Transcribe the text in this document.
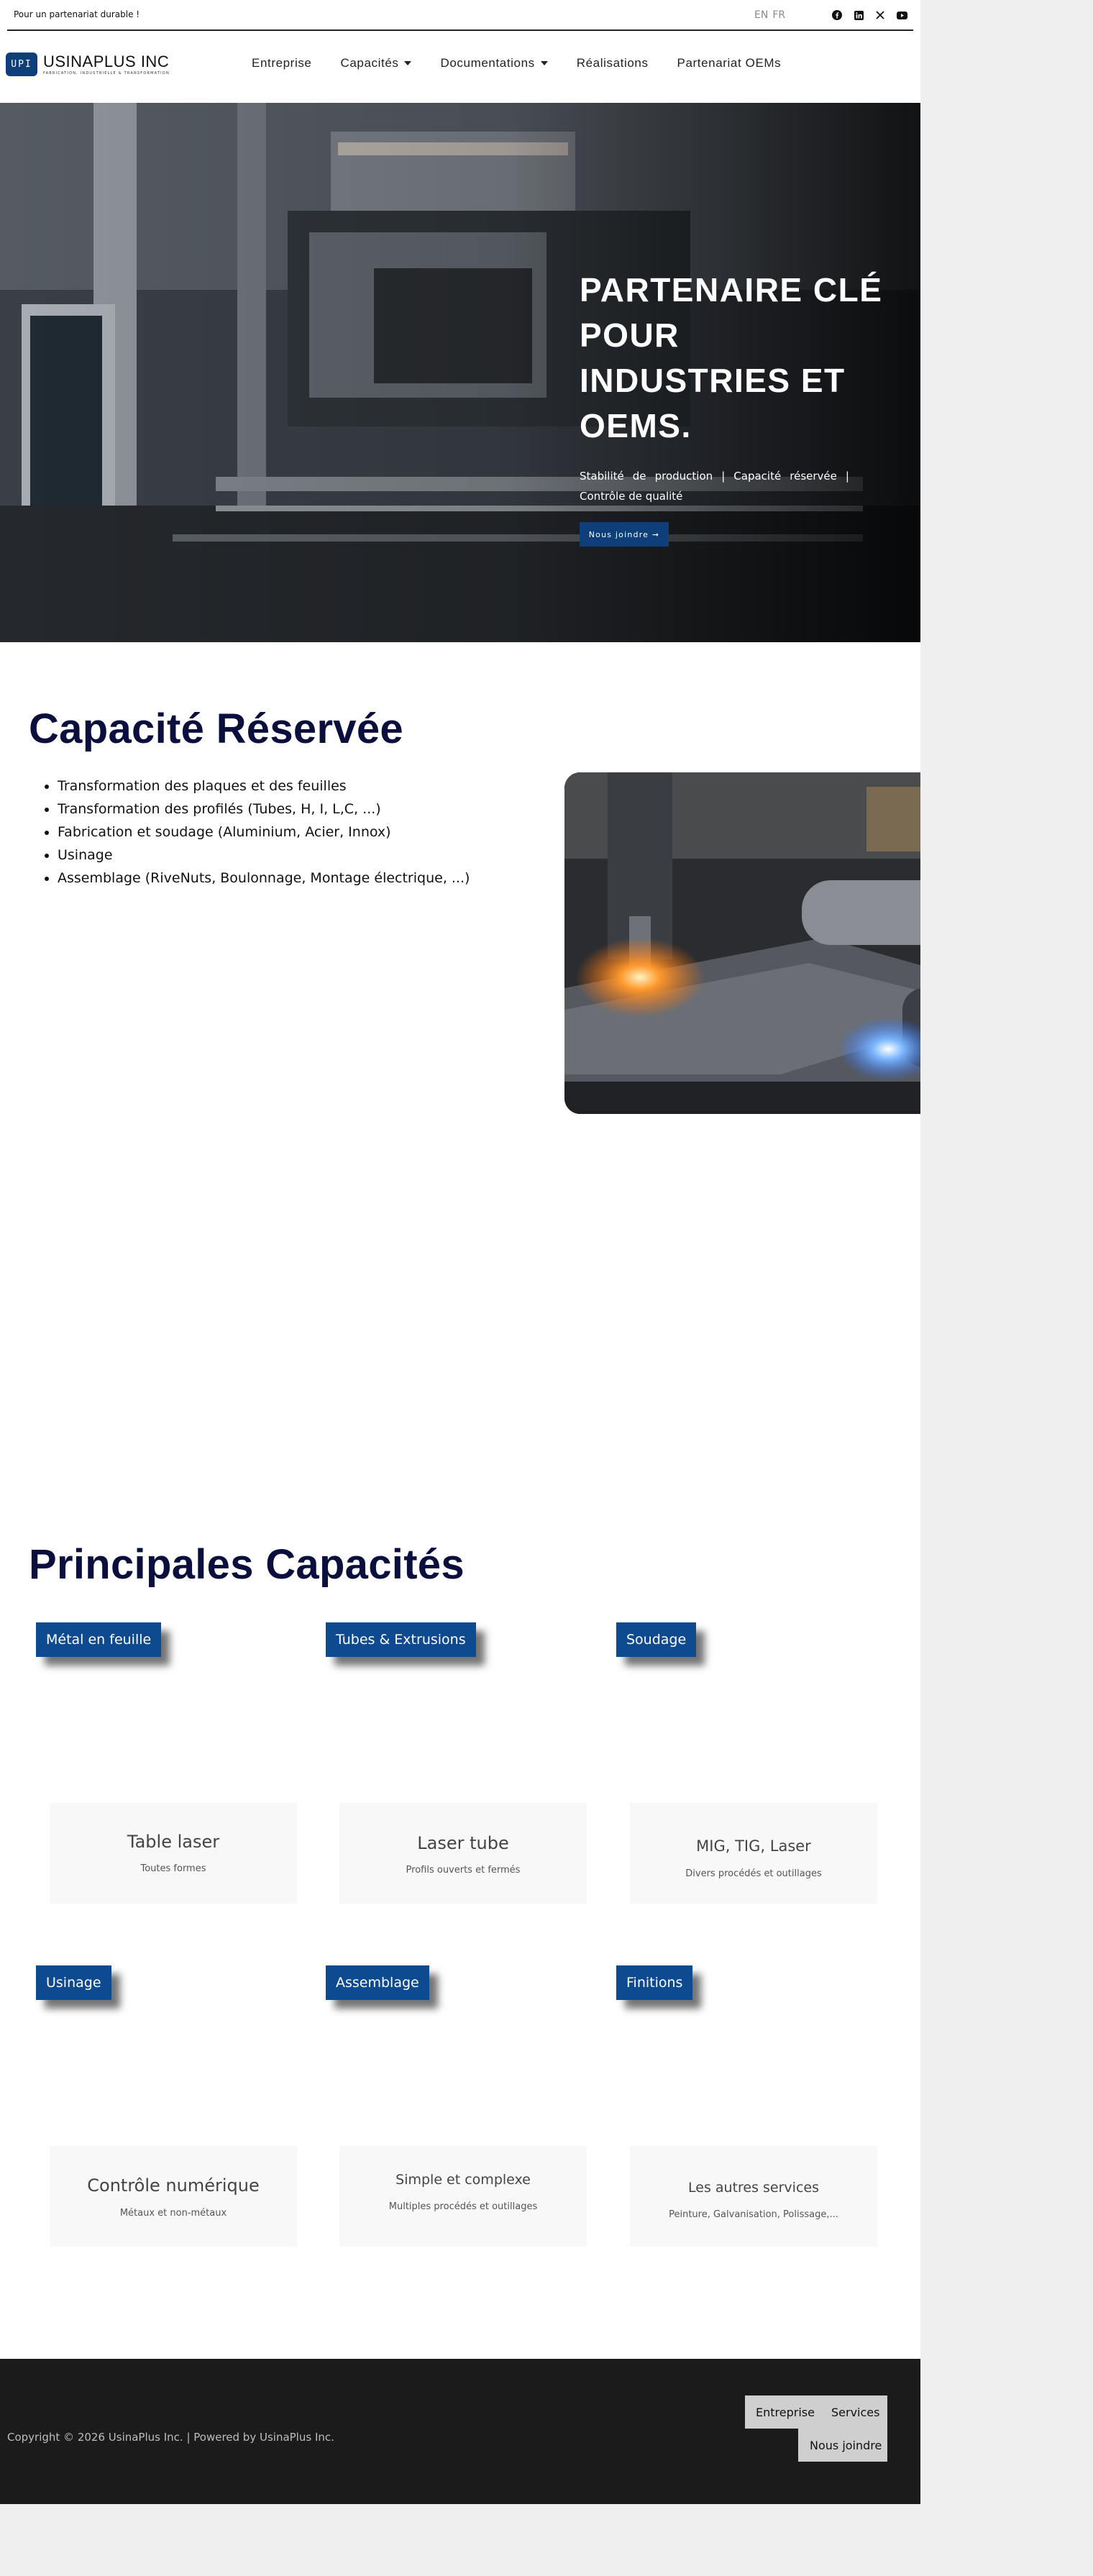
Pour un partenariat durable !	EN FR
UPI USINAPLUS INC
FABRICATION, INDUSTRIELLE & TRANSFORMATION
Entreprise Capacités	Documentations	Réalisations Partenariat OEMs
PARTENAIRE CLÉ POUR INDUSTRIES ET OEMS.
Stabilité de production | Capacité réservée | Contrôle de qualité
Nous joindre ➞
Capacité Réservée
• Transformation des plaques et des feuilles
• Transformation des profilés (Tubes, H, I, L,C, ...)
• Fabrication et soudage (Aluminium, Acier, Innox)
• Usinage
• Assemblage (RiveNuts, Boulonnage, Montage électrique, ...)
Principales Capacités
Métal en feuille	Tubes & Extrusions	Soudage
Table laser
Toutes formes
Laser tube
Profils ouverts et fermés
MIG, TIG, Laser
Divers procédés et outillages
Usinage	Assemblage	Finitions
Contrôle numérique
Métaux et non-métaux
Simple et complexe
Multiples procédés et outillages
Les autres services
Peinture, Galvanisation, Polissage,...
Copyright © 2026 UsinaPlus Inc. | Powered by UsinaPlus Inc.
Entreprise	Services
Nous joindre
